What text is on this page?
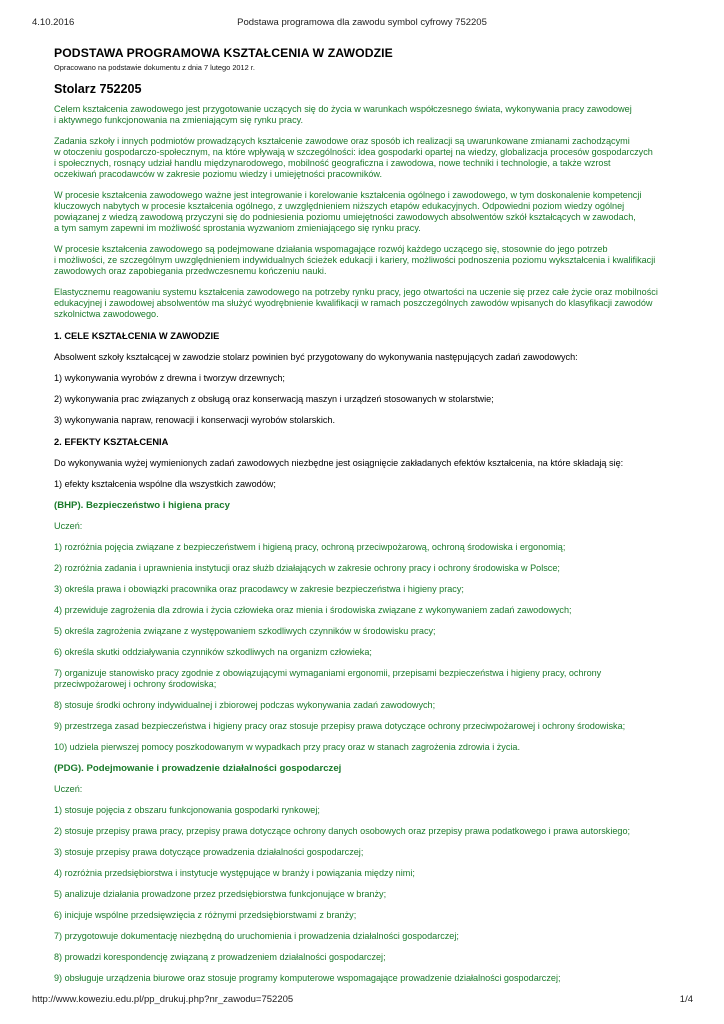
4.10.2016	Podstawa programowa dla zawodu symbol cyfrowy 752205
PODSTAWA PROGRAMOWA KSZTAŁCENIA W ZAWODZIE
Opracowano na podstawie dokumentu z dnia 7 lutego 2012 r.
Stolarz 752205
Celem kształcenia zawodowego jest przygotowanie uczących się do życia w warunkach współczesnego świata, wykonywania pracy zawodowej
i aktywnego funkcjonowania na zmieniającym się rynku pracy.
Zadania szkoły i innych podmiotów prowadzących kształcenie zawodowe oraz sposób ich realizacji są uwarunkowane zmianami zachodzącymi
w otoczeniu gospodarczo-społecznym, na które wpływają w szczególności: idea gospodarki opartej na wiedzy, globalizacja procesów gospodarczych
i społecznych, rosnący udział handlu międzynarodowego, mobilność geograficzna i zawodowa, nowe techniki i technologie, a także wzrost
oczekiwań pracodawców w zakresie poziomu wiedzy i umiejętności pracowników.
W procesie kształcenia zawodowego ważne jest integrowanie i korelowanie kształcenia ogólnego i zawodowego, w tym doskonalenie kompetencji
kluczowych nabytych w procesie kształcenia ogólnego, z uwzględnieniem niższych etapów edukacyjnych. Odpowiedni poziom wiedzy ogólnej
powiązanej z wiedzą zawodową przyczyni się do podniesienia poziomu umiejętności zawodowych absolwentów szkół kształcących w zawodach,
a tym samym zapewni im możliwość sprostania wyzwaniom zmieniającego się rynku pracy.
W procesie kształcenia zawodowego są podejmowane działania wspomagające rozwój każdego uczącego się, stosownie do jego potrzeb
i możliwości, ze szczególnym uwzględnieniem indywidualnych ścieżek edukacji i kariery, możliwości podnoszenia poziomu wykształcenia i kwalifikacji
zawodowych oraz zapobiegania przedwczesnemu kończeniu nauki.
Elastycznemu reagowaniu systemu kształcenia zawodowego na potrzeby rynku pracy, jego otwartości na uczenie się przez całe życie oraz mobilności
edukacyjnej i zawodowej absolwentów ma służyć wyodrębnienie kwalifikacji w ramach poszczególnych zawodów wpisanych do klasyfikacji zawodów
szkolnictwa zawodowego.
1. CELE KSZTAŁCENIA W ZAWODZIE
Absolwent szkoły kształcącej w zawodzie stolarz powinien być przygotowany do wykonywania następujących zadań zawodowych:
1) wykonywania wyrobów z drewna i tworzyw drzewnych;
2) wykonywania prac związanych z obsługą oraz konserwacją maszyn i urządzeń stosowanych w stolarstwie;
3) wykonywania napraw, renowacji i konserwacji wyrobów stolarskich.
2. EFEKTY KSZTAŁCENIA
Do wykonywania wyżej wymienionych zadań zawodowych niezbędne jest osiągnięcie zakładanych efektów kształcenia, na które składają się:
1) efekty kształcenia wspólne dla wszystkich zawodów;
(BHP). Bezpieczeństwo i higiena pracy
Uczeń:
1) rozróżnia pojęcia związane z bezpieczeństwem i higieną pracy, ochroną przeciwpożarową, ochroną środowiska i ergonomią;
2) rozróżnia zadania i uprawnienia instytucji oraz służb działających w zakresie ochrony pracy i ochrony środowiska w Polsce;
3) określa prawa i obowiązki pracownika oraz pracodawcy w zakresie bezpieczeństwa i higieny pracy;
4) przewiduje zagrożenia dla zdrowia i życia człowieka oraz mienia i środowiska związane z wykonywaniem zadań zawodowych;
5) określa zagrożenia związane z występowaniem szkodliwych czynników w środowisku pracy;
6) określa skutki oddziaływania czynników szkodliwych na organizm człowieka;
7) organizuje stanowisko pracy zgodnie z obowiązującymi wymaganiami ergonomii, przepisami bezpieczeństwa i higieny pracy, ochrony
przeciwpożarowej i ochrony środowiska;
8) stosuje środki ochrony indywidualnej i zbiorowej podczas wykonywania zadań zawodowych;
9) przestrzega zasad bezpieczeństwa i higieny pracy oraz stosuje przepisy prawa dotyczące ochrony przeciwpożarowej i ochrony środowiska;
10) udziela pierwszej pomocy poszkodowanym w wypadkach przy pracy oraz w stanach zagrożenia zdrowia i życia.
(PDG). Podejmowanie i prowadzenie działalności gospodarczej
Uczeń:
1) stosuje pojęcia z obszaru funkcjonowania gospodarki rynkowej;
2) stosuje przepisy prawa pracy, przepisy prawa dotyczące ochrony danych osobowych oraz przepisy prawa podatkowego i prawa autorskiego;
3) stosuje przepisy prawa dotyczące prowadzenia działalności gospodarczej;
4) rozróżnia przedsiębiorstwa i instytucje występujące w branży i powiązania między nimi;
5) analizuje działania prowadzone przez przedsiębiorstwa funkcjonujące w branży;
6) inicjuje wspólne przedsięwzięcia z różnymi przedsiębiorstwami z branży;
7) przygotowuje dokumentację niezbędną do uruchomienia i prowadzenia działalności gospodarczej;
8) prowadzi korespondencję związaną z prowadzeniem działalności gospodarczej;
9) obsługuje urządzenia biurowe oraz stosuje programy komputerowe wspomagające prowadzenie działalności gospodarczej;
http://www.koweziu.edu.pl/pp_drukuj.php?nr_zawodu=752205	1/4
